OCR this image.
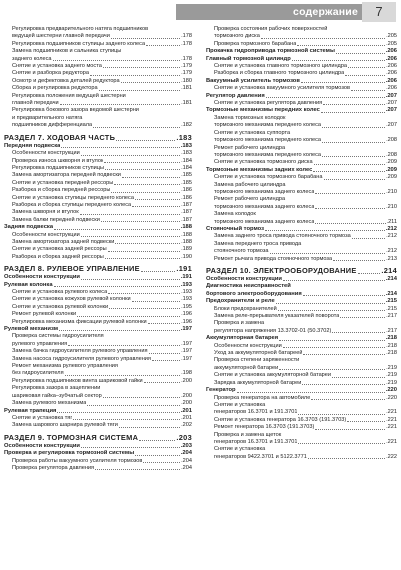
содержание	7
Регулировка предварительного натяга подшипников
ведущей шестерни главной передачи	.178
Регулировка подшипников ступицы заднего колеса	.178
Замена подшипников и сальника ступицы
заднего колеса	.178
Снятие и установка заднего моста	.179
Снятие и разборка редуктора	.179
Осмотр и дефектовка деталей редуктора	.180
Сборка и регулировка редуктора	.181
Регулировка положения ведущей шестерни
главной передачи	.181
Регулировка бокового зазора ведомой шестерни
и предварительного натяга
подшипников дифференциала	.182
РАЗДЕЛ 7. ХОДОВАЯ ЧАСТЬ	.183
Передняя подвеска	.183
Особенности конструкции	.183
Проверка износа шкворня и втулок	.184
Регулировка подшипников ступицы	.184
Замена амортизатора передней подвески	.185
Снятие и установка передней рессоры	.185
Разборка и сборка передней рессоры	.186
Снятие и установка ступицы переднего колеса	.186
Разборка и сборка ступицы переднего колеса	.187
Замена шкворня и втулок	.187
Замена балки передней подвески	.187
Задняя подвеска	.188
Особенности конструкции	.188
Замена амортизатора задней подвески	.188
Снятие и установка задней рессоры	.189
Разборка и сборка задней рессоры	.190
РАЗДЕЛ 8. РУЛЕВОЕ УПРАВЛЕНИЕ	.191
Особенности конструкции	.191
Рулевая колонка	.193
Снятие и установка рулевого колеса	.193
Снятие и установка кожухов рулевой колонки	.193
Снятие и установка рулевой колонки	.195
Ремонт рулевой колонки	.196
Регулировка механизма фиксации рулевой колонки	.196
Рулевой механизм	.197
Проверка системы гидроусилителя
рулевого управления	.197
Замена бачка гидроусилителя рулевого управления	.197
Замена насоса гидроусилителя рулевого управления	.197
Ремонт механизма рулевого управления
без гидроусилителя	.198
Регулировка подшипников винта шариковой гайки	.200
Регулировка зазора в зацеплении
шариковая гайка–зубчатый сектор	.200
Замена рулевого механизма	.200
Рулевая трапеция	.201
Снятие и установка тяг	.201
Замена шарового шарнира рулевой тяги	.202
РАЗДЕЛ 9. ТОРМОЗНАЯ СИСТЕМА	.203
Особенности конструкции	.203
Проверка и регулировка тормозной системы	.204
Проверка работы вакуумного усилителя тормозов	.204
Проверка регулятора давления	.204
Проверка состояния рабочих поверхностей
тормозного диска	.205
Проверка тормозного барабана	.205
Прокачка гидропривода тормозной системы	.206
Главный тормозной цилиндр	.206
Снятие и установка главного тормозного цилиндра	.206
Разборка и сборка главного тормозного цилиндра	.206
Вакуумный усилитель тормозов	.206
Снятие и установка вакуумного усилителя тормозов	.206
Регулятор давления	.207
Снятие и установка регулятора давления	.207
Тормозные механизмы передних колес	.207
Замена тормозных колодок
тормозного механизма переднего колеса	.207
Снятие и установка суппорта
тормозного механизма переднего колеса	.208
Ремонт рабочего цилиндра
тормозного механизма переднего колеса	.208
Снятие и установка тормозного диска	.209
Тормозные механизмы задних колес	.209
Снятие и установка тормозного барабана	.209
Замена рабочего цилиндра
тормозного механизма заднего колеса	.210
Ремонт рабочего цилиндра
тормозного механизма заднего колеса	.210
Замена колодок
тормозного механизма заднего колеса	.211
Стояночный тормоз	.212
Замена заднего троса привода стояночного тормоза	.212
Замена переднего троса привода
стояночного тормоза	.212
Ремонт рычага привода стояночного тормоза	.213
РАЗДЕЛ 10. ЭЛЕКТРООБОРУДОВАНИЕ	.214
Особенности конструкции	.214
Диагностика неисправностей
бортового электрооборудования	.214
Предохранители и реле	.215
Блоки предохранителей	.215
Замена реле-прерывателя указателей поворота	.217
Проверка и замена
регулятора напряжения 13.3702-01 (50.3702)	.217
Аккумуляторная батарея	.218
Особенности конструкции	.218
Уход за аккумуляторной батареей	.218
Проверка степени заряженности
аккумуляторной батареи	.219
Снятие и установка аккумуляторной батареи	.219
Зарядка аккумуляторной батареи	.219
Генератор	.220
Проверка генератора на автомобиле	.220
Снятие и установка
генераторов 16.3701 и 191.3701	.221
Снятие и установка генератора 16.3703 (191.3703)	.221
Ремонт генератора 16.3703 (191.3703)	.221
Проверка и замена щеток
генераторов 16.3701 и 191.3701	.221
Снятие и установка
генераторов 9422.3701 и 5122.3771	.222
